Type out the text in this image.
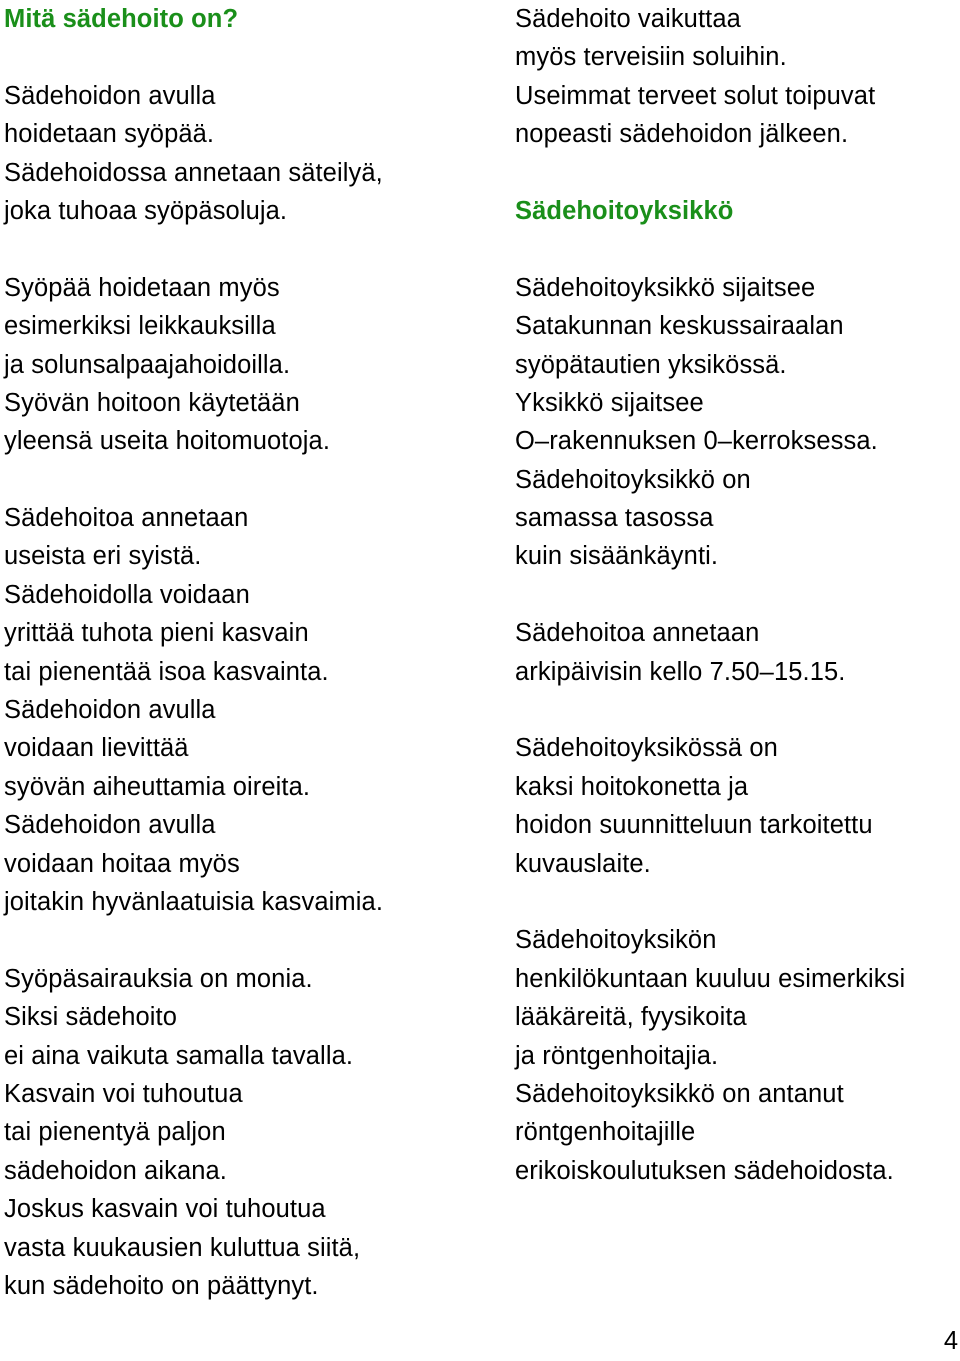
Mitä sädehoito on?
Sädehoidon avulla
hoidetaan syöpää.
Sädehoidossa annetaan säteilyä,
joka tuhoaa syöpäsoluja.
Syöpää hoidetaan myös
esimerkiksi leikkauksilla
ja solunsalpaajahoidoilla.
Syövän hoitoon käytetään
yleensä useita hoitomuotoja.
Sädehoitoa annetaan
useista eri syistä.
Sädehoidolla voidaan
yrittää tuhota pieni kasvain
tai pienentää isoa kasvainta.
Sädehoidon avulla
voidaan lievittää
syövän aiheuttamia oireita.
Sädehoidon avulla
voidaan hoitaa myös
joitakin hyvänlaatuisia kasvaimia.
Syöpäsairauksia on monia.
Siksi sädehoito
ei aina vaikuta samalla tavalla.
Kasvain voi tuhoutua
tai pienentyä paljon
sädehoidon aikana.
Joskus kasvain voi tuhoutua
vasta kuukausien kuluttua siitä,
kun sädehoito on päättynyt.
Sädehoito vaikuttaa
myös terveisiin soluihin.
Useimmat terveet solut toipuvat
nopeasti sädehoidon jälkeen.
Sädehoitoyksikkö
Sädehoitoyksikkö sijaitsee
Satakunnan keskussairaalan
syöpätautien yksikössä.
Yksikkö sijaitsee
O–rakennuksen 0–kerroksessa.
Sädehoitoyksikkö on
samassa tasossa
kuin sisäänkäynti.
Sädehoitoa annetaan
arkipäivisin kello 7.50–15.15.
Sädehoitoyksikössä on
kaksi hoitokonetta ja
hoidon suunnitteluun tarkoitettu
kuvauslaite.
Sädehoitoyksikön
henkilökuntaan kuuluu esimerkiksi
lääkäreitä, fyysikoita
ja röntgenhoitajia.
Sädehoitoyksikkö on antanut
röntgenhoitajille
erikoiskoulutuksen sädehoidosta.
4
